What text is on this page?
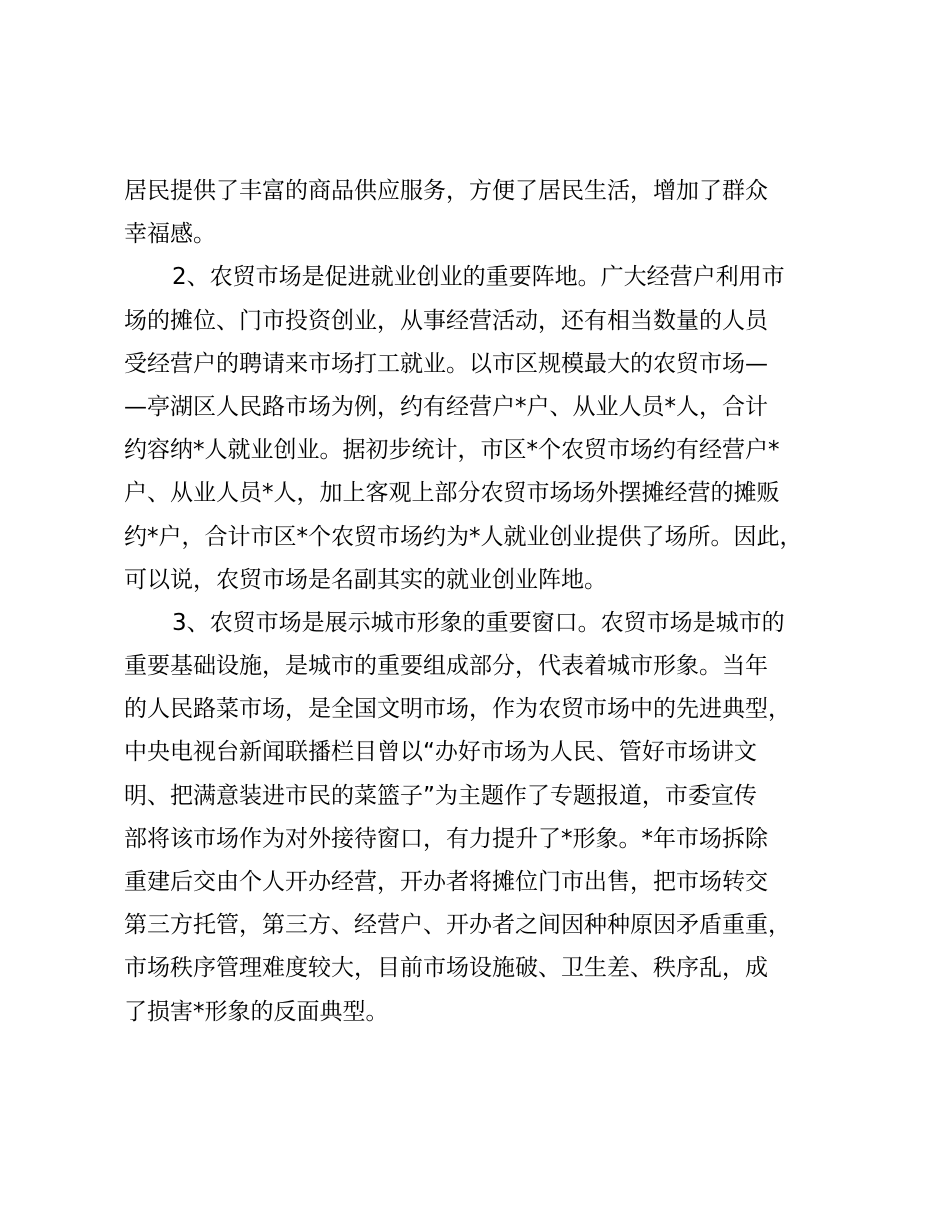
居民提供了丰富的商品供应服务，方便了居民生活，增加了群众
幸福感。
2、农贸市场是促进就业创业的重要阵地。广大经营户利用市
场的摊位、门市投资创业，从事经营活动，还有相当数量的人员
受经营户的聘请来市场打工就业。以市区规模最大的农贸市场—
—亭湖区人民路市场为例，约有经营户*户、从业人员*人，合计
约容纳*人就业创业。据初步统计，市区*个农贸市场约有经营户*
户、从业人员*人，加上客观上部分农贸市场场外摆摊经营的摊贩
约*户，合计市区*个农贸市场约为*人就业创业提供了场所。因此，
可以说，农贸市场是名副其实的就业创业阵地。
3、农贸市场是展示城市形象的重要窗口。农贸市场是城市的
重要基础设施，是城市的重要组成部分，代表着城市形象。当年
的人民路菜市场，是全国文明市场，作为农贸市场中的先进典型，
中央电视台新闻联播栏目曾以“办好市场为人民、管好市场讲文
明、把满意装进市民的菜篮子”为主题作了专题报道，市委宣传
部将该市场作为对外接待窗口，有力提升了*形象。*年市场拆除
重建后交由个人开办经营，开办者将摊位门市出售，把市场转交
第三方托管，第三方、经营户、开办者之间因种种原因矛盾重重，
市场秩序管理难度较大，目前市场设施破、卫生差、秩序乱，成
了损害*形象的反面典型。
